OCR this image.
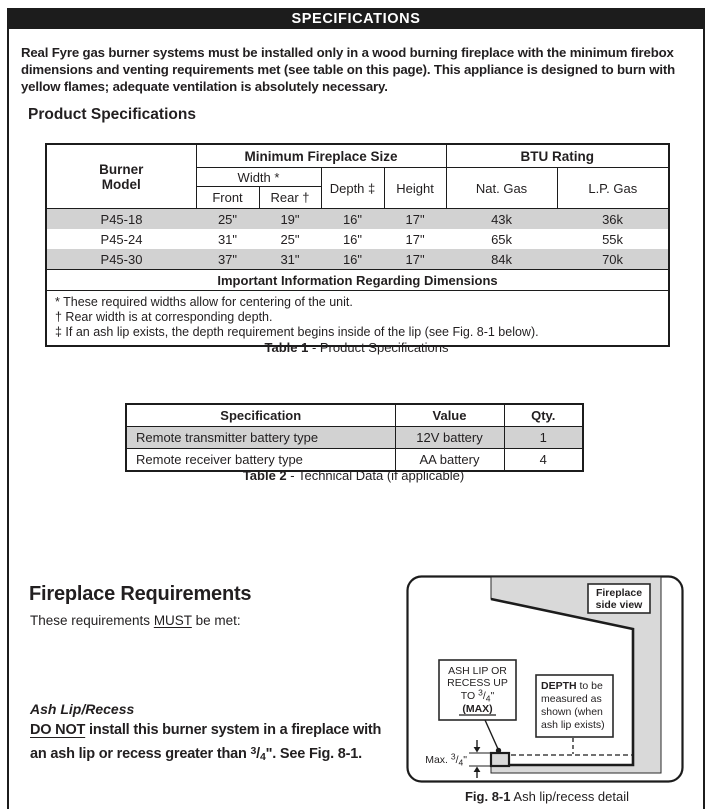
SPECIFICATIONS
Real Fyre gas burner systems must be installed only in a wood burning fireplace with the minimum firebox dimensions and venting requirements met (see table on this page). This appliance is designed to burn with yellow flames; adequate ventilation is absolutely necessary.
Product Specifications
Burner
Model	Minimum Fireplace Size				BTU Rating	
	Width *		Depth ‡	Height	Nat. Gas	L.P. Gas
	Front	Rear †				
P45-18	25"	19"	16"	17"	43k	36k
P45-24	31"	25"	16"	17"	65k	55k
P45-30	37"	31"	16"	17"	84k	70k
Important Information Regarding Dimensions						

* These required widths allow for centering of the unit.
† Rear width is at corresponding depth.
‡ If an ash lip exists, the depth requirement begins inside of the lip (see Fig. 8-1 below).						
Table 1 - Product Specifications
Specification	Value	Qty.
Remote transmitter battery type	12V battery	1
Remote receiver battery type	AA battery	4
Table 2 - Technical Data (if applicable)
Fireplace Requirements
These requirements MUST be met:
Ash Lip/Recess
DO NOT install this burner system in a fireplace with an ash lip or recess greater than $^3$/4". See Fig. 8-1.
Fireplace
side view
ASH LIP OR
RECESS UP
TO $^3/_4$"
(MAX)
DEPTH to be
measured as
shown (when
ash lip exists)
Max. $^3/_4$"
Fig. 8-1 Ash lip/recess detail
